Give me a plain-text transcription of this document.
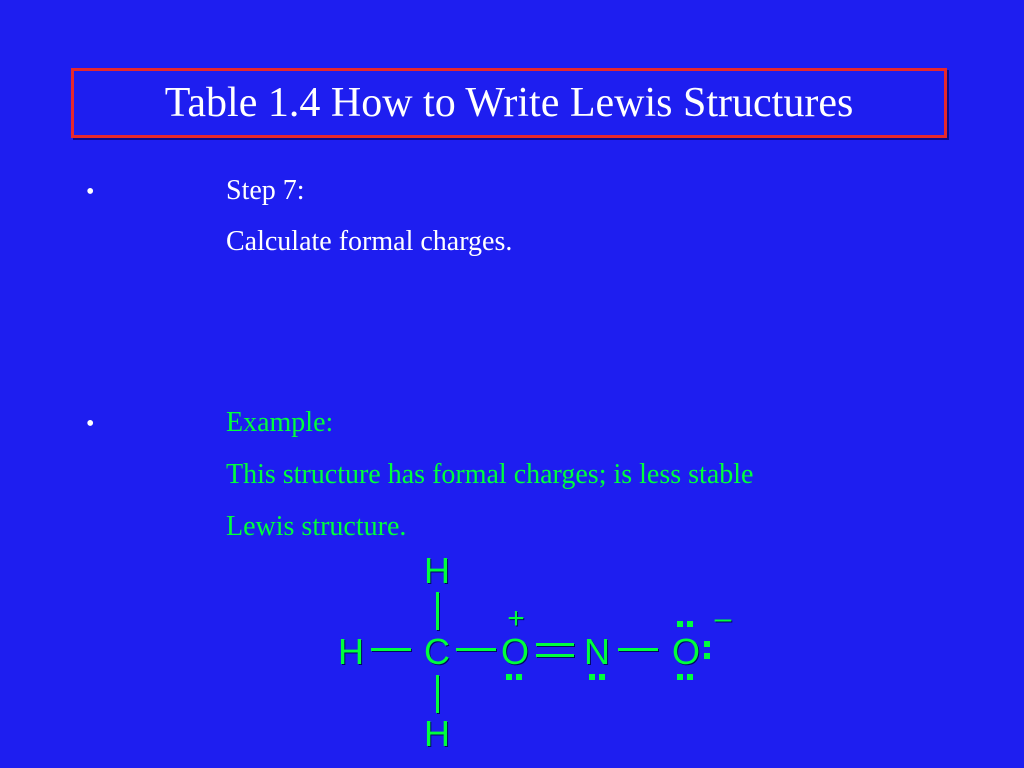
Table 1.4 How to Write Lewis Structures
•	Step 7:
Calculate formal charges.
•	Example:
This structure has formal charges; is less stable
Lewis structure.
H
H C O N O
H
+	–
